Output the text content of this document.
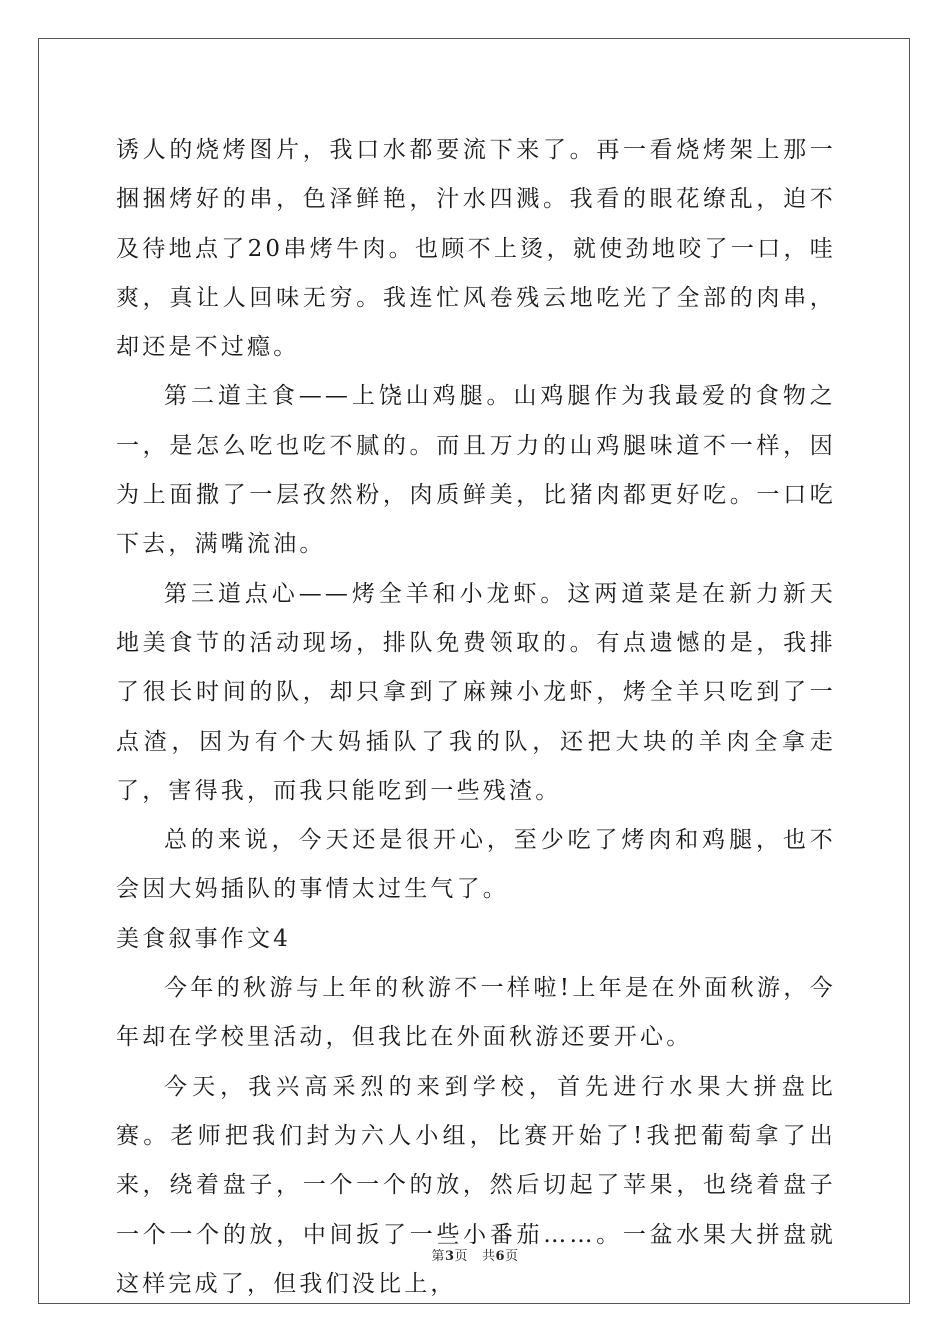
诱人的烧烤图片，我口水都要流下来了。再一看烧烤架上那一捆捆烤好的串，色泽鲜艳，汁水四溅。我看的眼花缭乱，迫不及待地点了20串烤牛肉。也顾不上烫，就使劲地咬了一口，哇爽，真让人回味无穷。我连忙风卷残云地吃光了全部的肉串，却还是不过瘾。

第二道主食——上饶山鸡腿。山鸡腿作为我最爱的食物之一，是怎么吃也吃不腻的。而且万力的山鸡腿味道不一样，因为上面撒了一层孜然粉，肉质鲜美，比猪肉都更好吃。一口吃下去，满嘴流油。

第三道点心——烤全羊和小龙虾。这两道菜是在新力新天地美食节的活动现场，排队免费领取的。有点遗憾的是，我排了很长时间的队，却只拿到了麻辣小龙虾，烤全羊只吃到了一点渣，因为有个大妈插队了我的队，还把大块的羊肉全拿走了，害得我，而我只能吃到一些残渣。

总的来说，今天还是很开心，至少吃了烤肉和鸡腿，也不会因大妈插队的事情太过生气了。

美食叙事作文4

今年的秋游与上年的秋游不一样啦!上年是在外面秋游，今年却在学校里活动，但我比在外面秋游还要开心。

今天，我兴高采烈的来到学校，首先进行水果大拼盘比赛。老师把我们封为六人小组，比赛开始了!我把葡萄拿了出来，绕着盘子，一个一个的放，然后切起了苹果，也绕着盘子一个一个的放，中间扳了一些小番茄……。一盆水果大拼盘就这样完成了，但我们没比上，

第3页 共6页
